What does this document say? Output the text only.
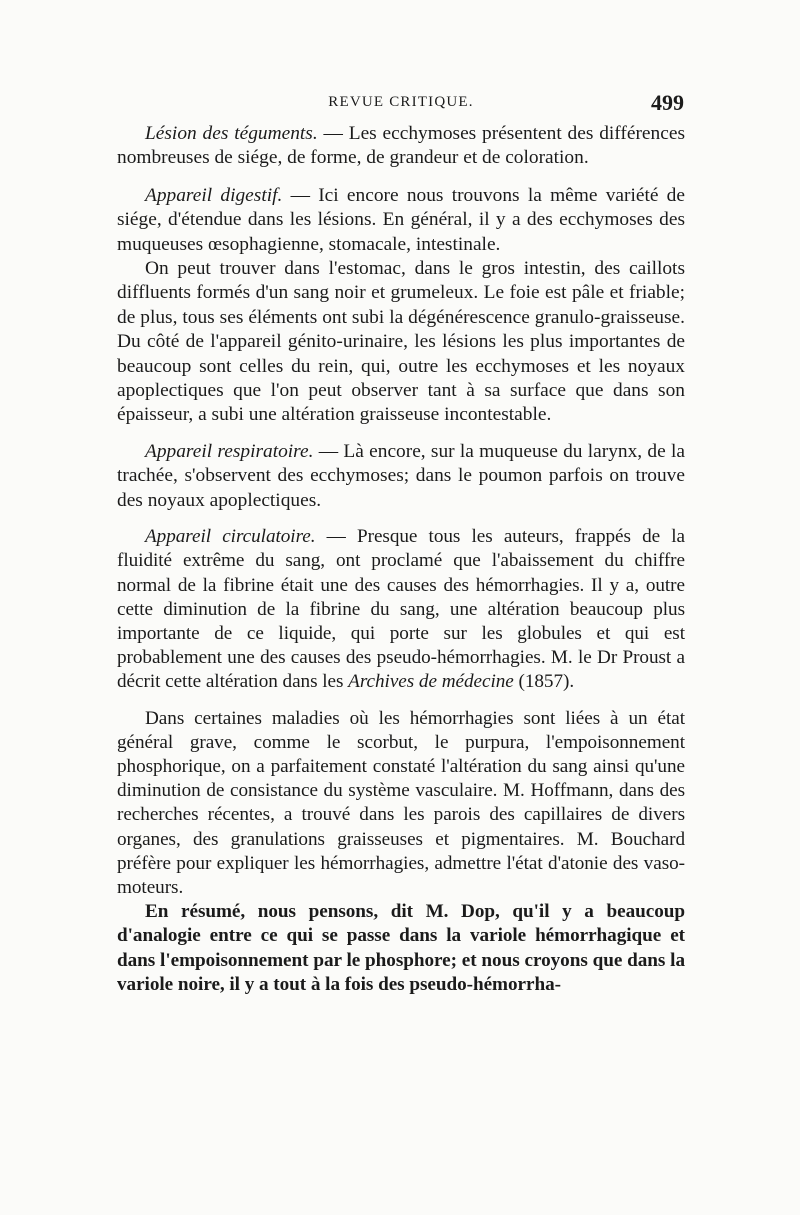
REVUE CRITIQUE.	499

Lésion des téguments. — Les ecchymoses présentent des différences nombreuses de siége, de forme, de grandeur et de coloration.

Appareil digestif. — Ici encore nous trouvons la même variété de siége, d'étendue dans les lésions. En général, il y a des ecchymoses des muqueuses œsophagienne, stomacale, intestinale.

On peut trouver dans l'estomac, dans le gros intestin, des caillots diffluents formés d'un sang noir et grumeleux. Le foie est pâle et friable; de plus, tous ses éléments ont subi la dégénérescence granulo-graisseuse. Du côté de l'appareil génito-urinaire, les lésions les plus importantes de beaucoup sont celles du rein, qui, outre les ecchymoses et les noyaux apoplectiques que l'on peut observer tant à sa surface que dans son épaisseur, a subi une altération graisseuse incontestable.

Appareil respiratoire. — Là encore, sur la muqueuse du larynx, de la trachée, s'observent des ecchymoses; dans le poumon parfois on trouve des noyaux apoplectiques.

Appareil circulatoire. — Presque tous les auteurs, frappés de la fluidité extrême du sang, ont proclamé que l'abaissement du chiffre normal de la fibrine était une des causes des hémorrhagies. Il y a, outre cette diminution de la fibrine du sang, une altération beaucoup plus importante de ce liquide, qui porte sur les globules et qui est probablement une des causes des pseudo-hémorrhagies. M. le Dr Proust a décrit cette altération dans les Archives de médecine (1857).

Dans certaines maladies où les hémorrhagies sont liées à un état général grave, comme le scorbut, le purpura, l'empoisonnement phosphorique, on a parfaitement constaté l'altération du sang ainsi qu'une diminution de consistance du système vasculaire. M. Hoffmann, dans des recherches récentes, a trouvé dans les parois des capillaires de divers organes, des granulations graisseuses et pigmentaires. M. Bouchard préfère pour expliquer les hémorrhagies, admettre l'état d'atonie des vaso-moteurs.

En résumé, nous pensons, dit M. Dop, qu'il y a beaucoup d'analogie entre ce qui se passe dans la variole hémorrhagique et dans l'empoisonnement par le phosphore; et nous croyons que dans la variole noire, il y a tout à la fois des pseudo-hémorrha-
